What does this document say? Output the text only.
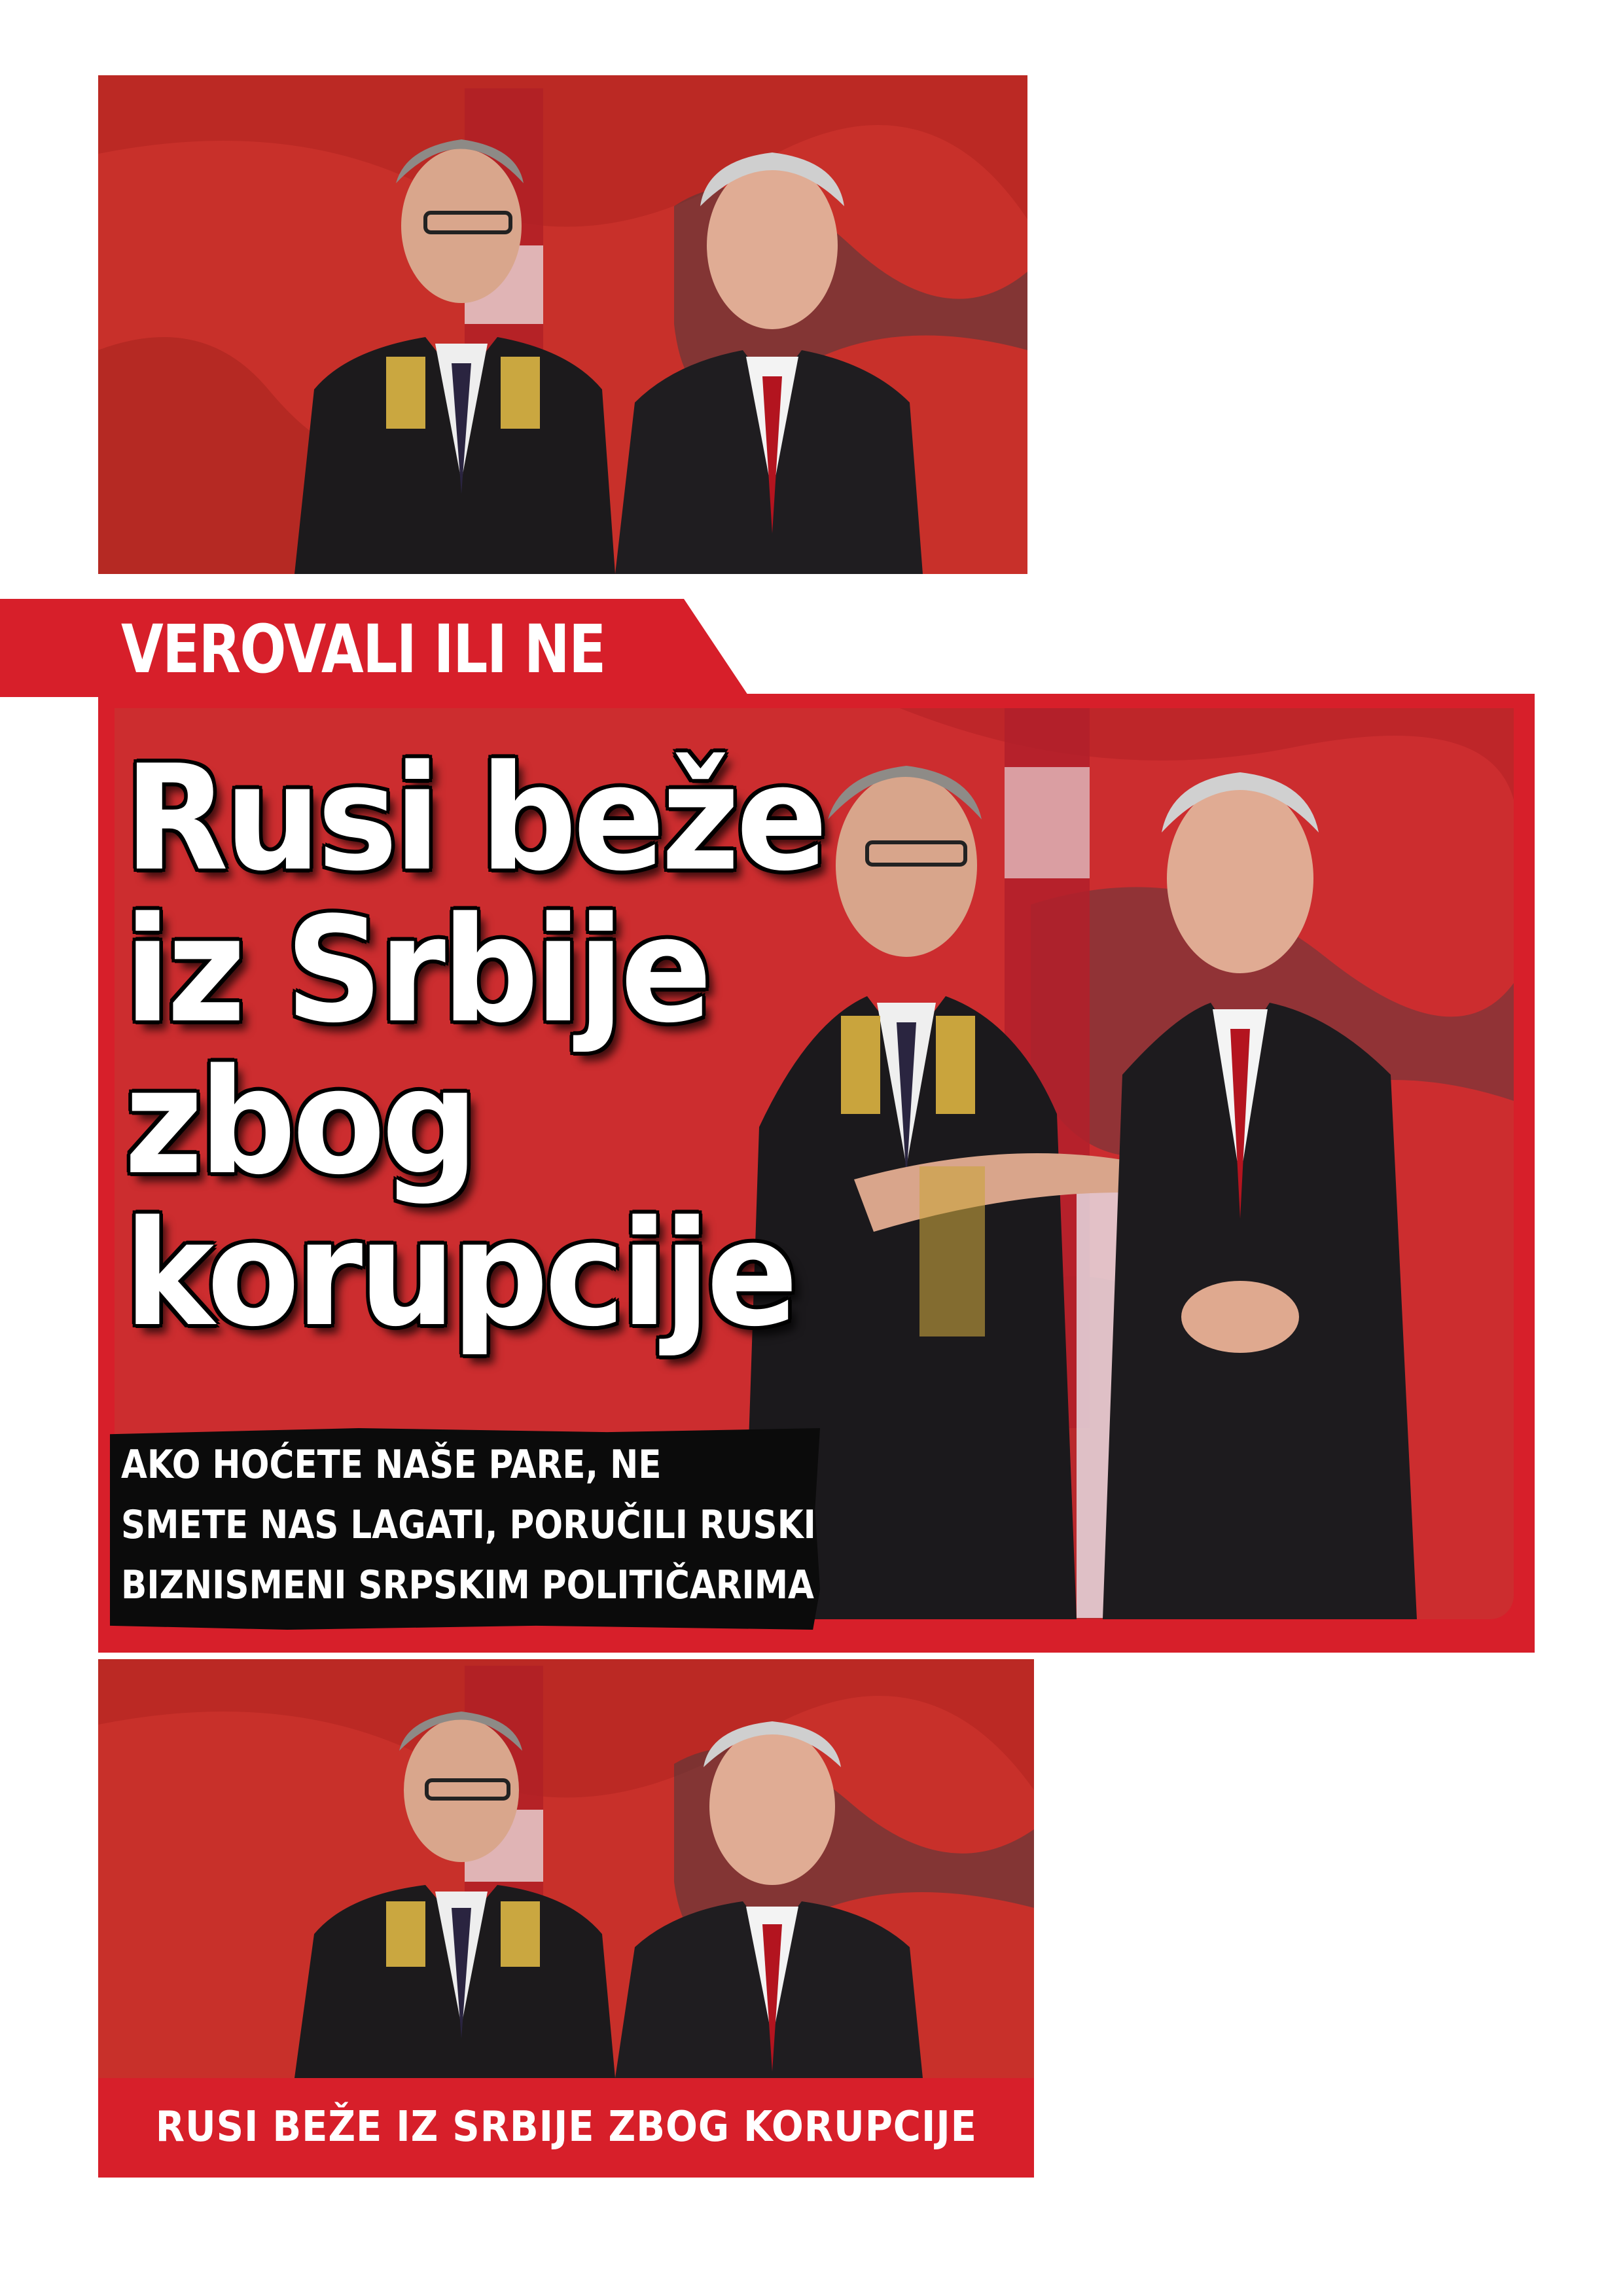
VEROVALI ILI NE
Rusi beže
iz Srbije
zbog
korupcije
AKO HOĆETE NAŠE PARE, NE
SMETE NAS LAGATI, PORUČILI RUSKI
BIZNISMENI SRPSKIM POLITIČARIMA
RUSI BEŽE IZ SRBIJE ZBOG KORUPCIJE
